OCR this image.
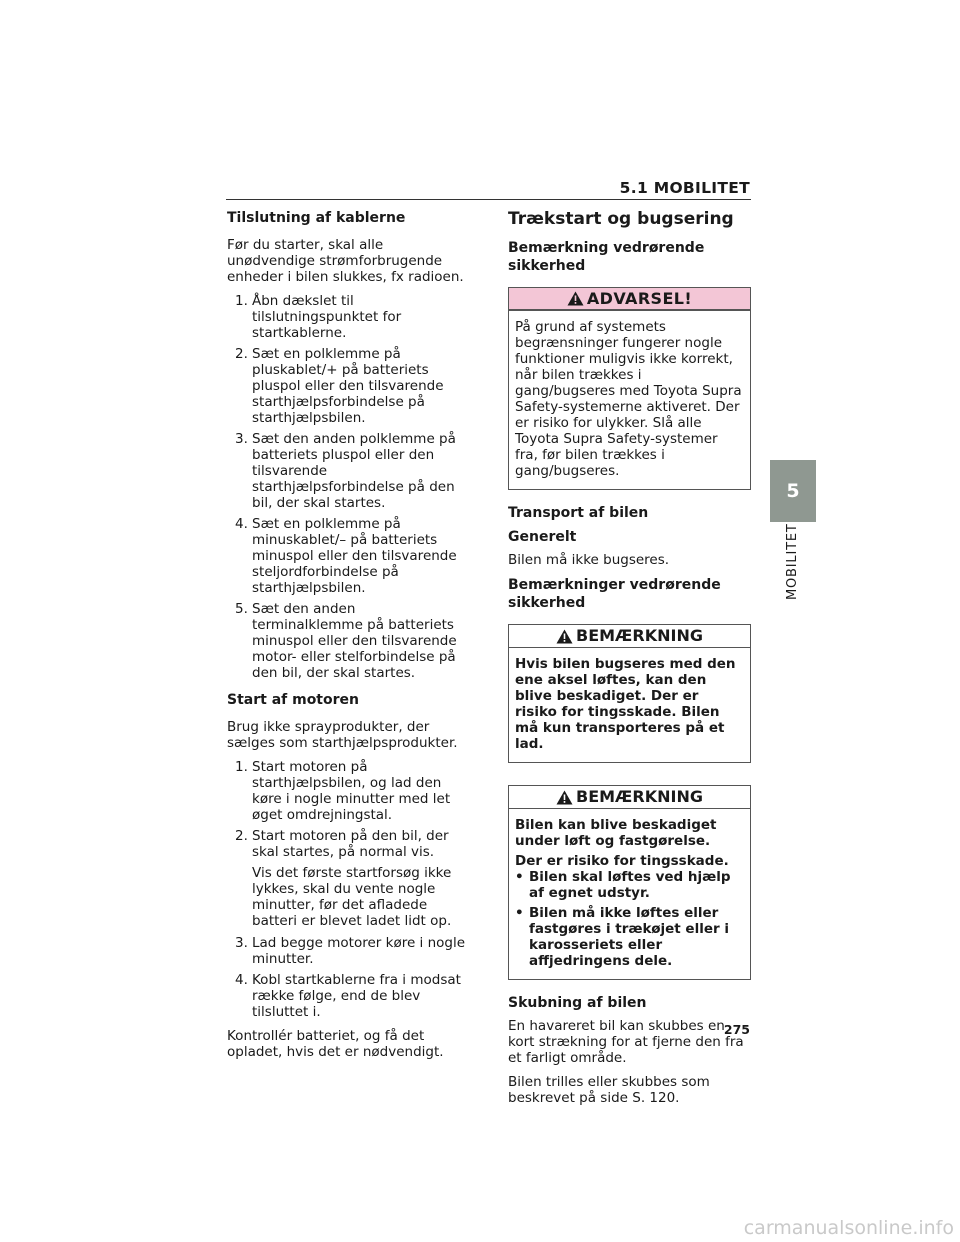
5.1 MOBILITET
Tilslutning af kablerne

Før du starter, skal alle unødvendige strømforbrugende enheder i bilen slukkes, fx radioen.

1. Åbn dækslet til tilslutningspunktet for startkablerne.
2. Sæt en polklemme på pluskablet/+ på batteriets pluspol eller den tilsvarende starthjælpsforbindelse på starthjælpsbilen.
3. Sæt den anden polklemme på batteriets pluspol eller den tilsvarende starthjælpsforbindelse på den bil, der skal startes.
4. Sæt en polklemme på minuskablet/– på batteriets minuspol eller den tilsvarende steljordforbindelse på starthjælpsbilen.
5. Sæt den anden terminalklemme på batteriets minuspol eller den tilsvarende motor- eller stelforbindelse på den bil, der skal startes.
Start af motoren

Brug ikke sprayprodukter, der sælges som starthjælpsprodukter.

1. Start motoren på starthjælpsbilen, og lad den køre i nogle minutter med let øget omdrejningstal.
2. Start motoren på den bil, der skal startes, på normal vis.

Vis det første startforsøg ikke lykkes, skal du vente nogle minutter, før det afladede batteri er blevet ladet lidt op.

3. Lad begge motorer køre i nogle minutter.
4. Kobl startkablerne fra i modsat række følge, end de blev tilsluttet i.

Kontrollér batteriet, og få det opladet, hvis det er nødvendigt.

Trækstart og bugsering
Bemærkning vedrørende sikkerhed
ADVARSEL!

På grund af systemets begrænsninger fungerer nogle funktioner muligvis ikke korrekt, når bilen trækkes i gang/bugseres med Toyota Supra Safety-systemerne aktiveret. Der er risiko for ulykker. Slå alle Toyota Supra Safety-systemer fra, før bilen trækkes i gang/bugseres.

Transport af bilen
Generelt

Bilen må ikke bugseres.

Bemærkninger vedrørende sikkerhed
BEMÆRKNING

Hvis bilen bugseres med den ene aksel løftes, kan den blive beskadiget. Der er risiko for tingsskade. Bilen må kun transporteres på et lad.

BEMÆRKNING

Bilen kan blive beskadiget under løft og fastgørelse.

Der er risiko for tingsskade.

• Bilen skal løftes ved hjælp af egnet udstyr.
• Bilen må ikke løftes eller fastgøres i trækøjet eller i karosseriets eller affjedringens dele.
Skubning af bilen

En havareret bil kan skubbes en kort strækning for at fjerne den fra et farligt område.

Bilen trilles eller skubbes som beskrevet på side S. 120.

5
MOBILITET
275
carmanualsonline.info
